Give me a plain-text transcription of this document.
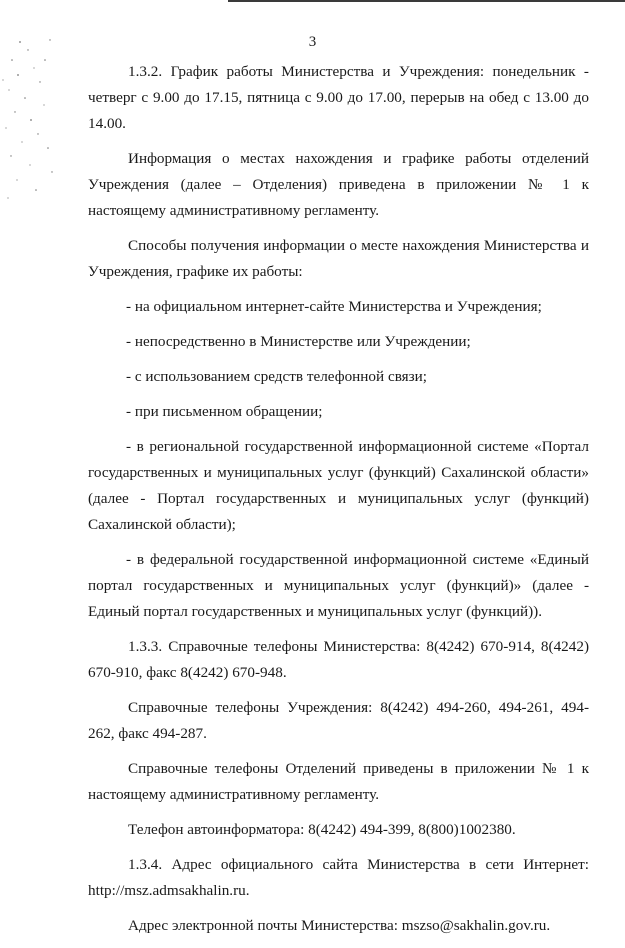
3

1.3.2. График работы Министерства и Учреждения: понедельник - четверг с 9.00 до 17.15, пятница с 9.00 до 17.00, перерыв на обед с 13.00 до 14.00.

Информация о местах нахождения и графике работы отделений Учреждения (далее – Отделения) приведена в приложении № 1 к настоящему административному регламенту.

Способы получения информации о месте нахождения Министерства и Учреждения, графике их работы:

- на официальном интернет-сайте Министерства и Учреждения;

- непосредственно в Министерстве или Учреждении;

- с использованием средств телефонной связи;

- при письменном обращении;

- в региональной государственной информационной системе «Портал государственных и муниципальных услуг (функций) Сахалинской области» (далее - Портал государственных и муниципальных услуг (функций) Сахалинской области);

- в федеральной государственной информационной системе «Единый портал государственных и муниципальных услуг (функций)» (далее - Единый портал государственных и муниципальных услуг (функций)).

1.3.3. Справочные телефоны Министерства: 8(4242) 670-914, 8(4242) 670-910, факс 8(4242) 670-948.

Справочные телефоны Учреждения: 8(4242) 494-260, 494-261, 494-262, факс 494-287.

Справочные телефоны Отделений приведены в приложении № 1 к настоящему административному регламенту.

Телефон автоинформатора: 8(4242) 494-399, 8(800)1002380.

1.3.4. Адрес официального сайта Министерства в сети Интернет: http://msz.admsakhalin.ru.

Адрес электронной почты Министерства: mszso@sakhalin.gov.ru.
